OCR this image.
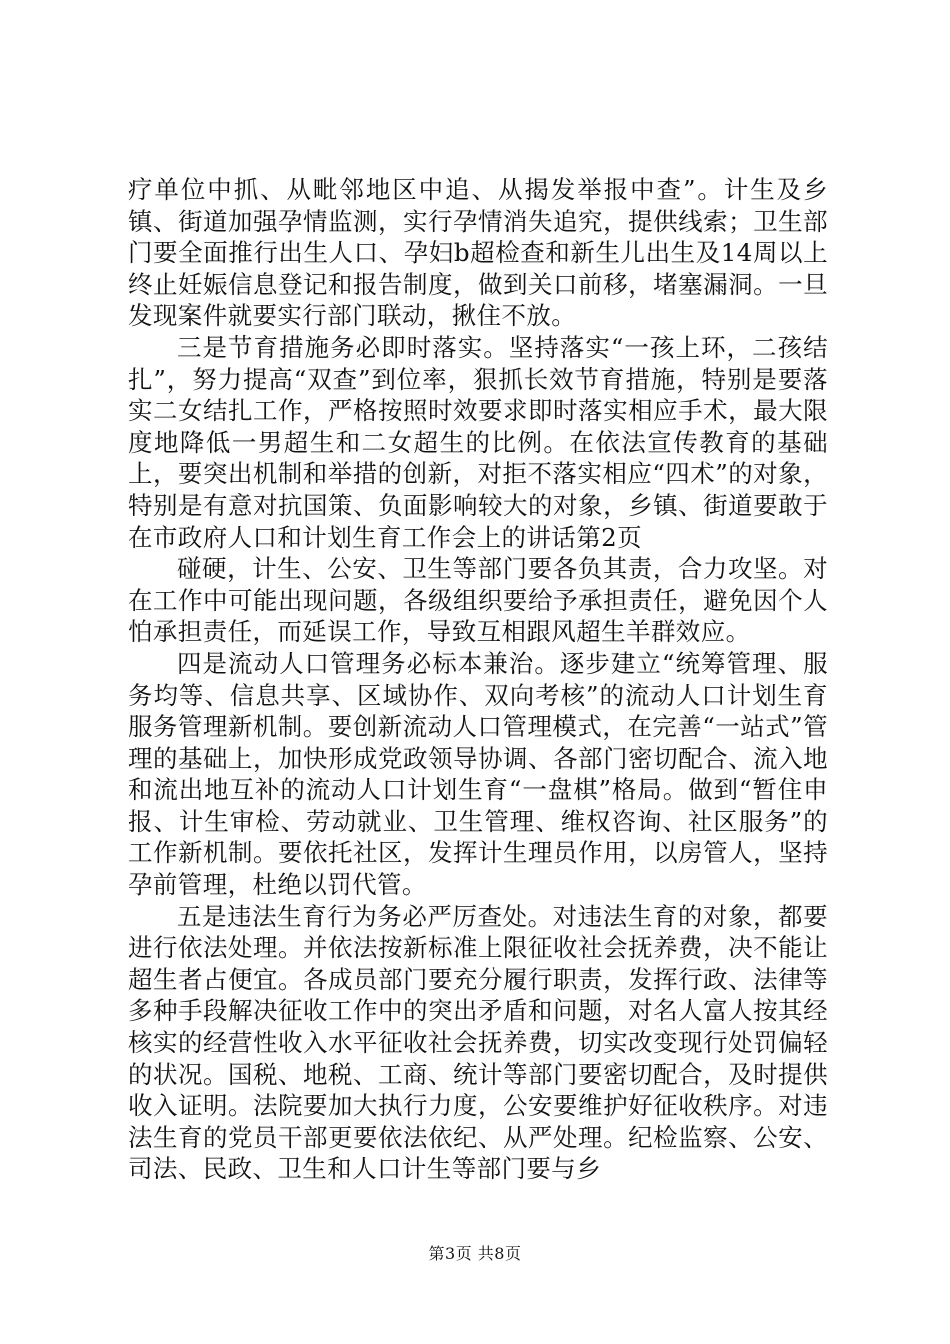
疗单位中抓、从毗邻地区中追、从揭发举报中查”。计生及乡镇、街道加强孕情监测，实行孕情消失追究，提供线索；卫生部门要全面推行出生人口、孕妇b超检查和新生儿出生及14周以上终止妊娠信息登记和报告制度，做到关口前移，堵塞漏洞。一旦发现案件就要实行部门联动，揪住不放。

三是节育措施务必即时落实。坚持落实“一孩上环，二孩结扎”，努力提高“双查”到位率，狠抓长效节育措施，特别是要落实二女结扎工作，严格按照时效要求即时落实相应手术，最大限度地降低一男超生和二女超生的比例。在依法宣传教育的基础上，要突出机制和举措的创新，对拒不落实相应“四术”的对象，特别是有意对抗国策、负面影响较大的对象，乡镇、街道要敢于在市政府人口和计划生育工作会上的讲话第2页

碰硬，计生、公安、卫生等部门要各负其责，合力攻坚。对在工作中可能出现问题，各级组织要给予承担责任，避免因个人怕承担责任，而延误工作，导致互相跟风超生羊群效应。

四是流动人口管理务必标本兼治。逐步建立“统筹管理、服务均等、信息共享、区域协作、双向考核”的流动人口计划生育服务管理新机制。要创新流动人口管理模式，在完善“一站式”管理的基础上，加快形成党政领导协调、各部门密切配合、流入地和流出地互补的流动人口计划生育“一盘棋”格局。做到“暂住申报、计生审检、劳动就业、卫生管理、维权咨询、社区服务”的工作新机制。要依托社区，发挥计生理员作用，以房管人，坚持孕前管理，杜绝以罚代管。

五是违法生育行为务必严厉查处。对违法生育的对象，都要进行依法处理。并依法按新标准上限征收社会抚养费，决不能让超生者占便宜。各成员部门要充分履行职责，发挥行政、法律等多种手段解决征收工作中的突出矛盾和问题，对名人富人按其经核实的经营性收入水平征收社会抚养费，切实改变现行处罚偏轻的状况。国税、地税、工商、统计等部门要密切配合，及时提供收入证明。法院要加大执行力度，公安要维护好征收秩序。对违法生育的党员干部更要依法依纪、从严处理。纪检监察、公安、司法、民政、卫生和人口计生等部门要与乡

第3页 共8页
